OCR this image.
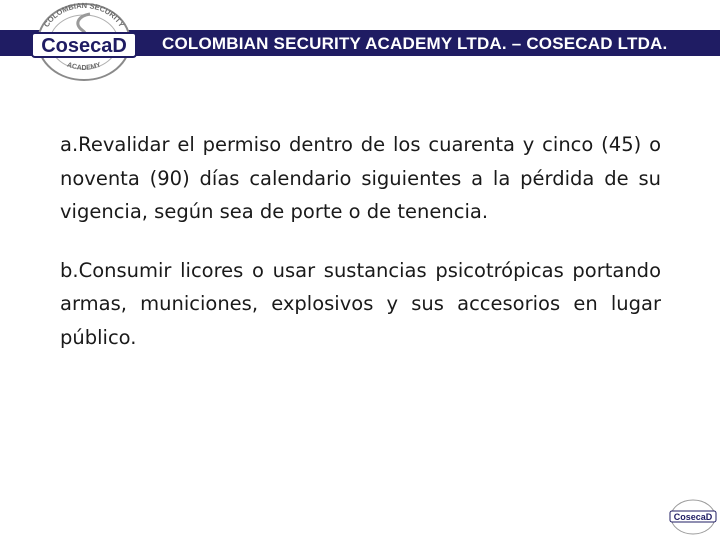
COLOMBIAN SECURITY ACADEMY LTDA. – COSECAD LTDA.
COLOMBIAN SECURITY
ACADEMY
CosecaD

a.Revalidar el permiso dentro de los cuarenta y cinco (45) o noventa (90) días calendario siguientes a la pérdida de su vigencia, según sea de porte o de tenencia.

b.Consumir licores o usar sustancias psicotrópicas portando armas, municiones, explosivos y sus accesorios en lugar público.

CosecaD
